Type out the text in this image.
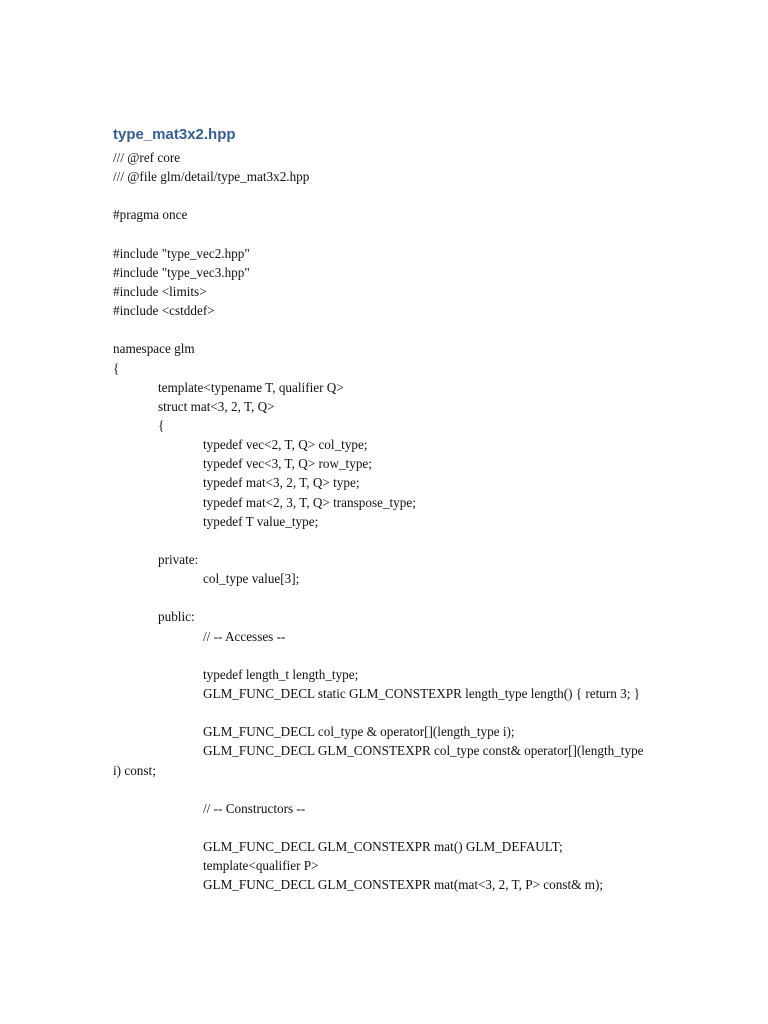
type_mat3x2.hpp
/// @ref core
/// @file glm/detail/type_mat3x2.hpp
#pragma once
#include "type_vec2.hpp"
#include "type_vec3.hpp"
#include <limits>
#include <cstddef>
namespace glm
{
template<typename T, qualifier Q>
struct mat<3, 2, T, Q>
{
typedef vec<2, T, Q> col_type;
typedef vec<3, T, Q> row_type;
typedef mat<3, 2, T, Q> type;
typedef mat<2, 3, T, Q> transpose_type;
typedef T value_type;
private:
col_type value[3];
public:
// -- Accesses --
typedef length_t length_type;
GLM_FUNC_DECL static GLM_CONSTEXPR length_type length() { return 3; }
GLM_FUNC_DECL col_type & operator[](length_type i);
GLM_FUNC_DECL GLM_CONSTEXPR col_type const& operator[](length_type
i) const;
// -- Constructors --
GLM_FUNC_DECL GLM_CONSTEXPR mat() GLM_DEFAULT;
template<qualifier P>
GLM_FUNC_DECL GLM_CONSTEXPR mat(mat<3, 2, T, P> const& m);
